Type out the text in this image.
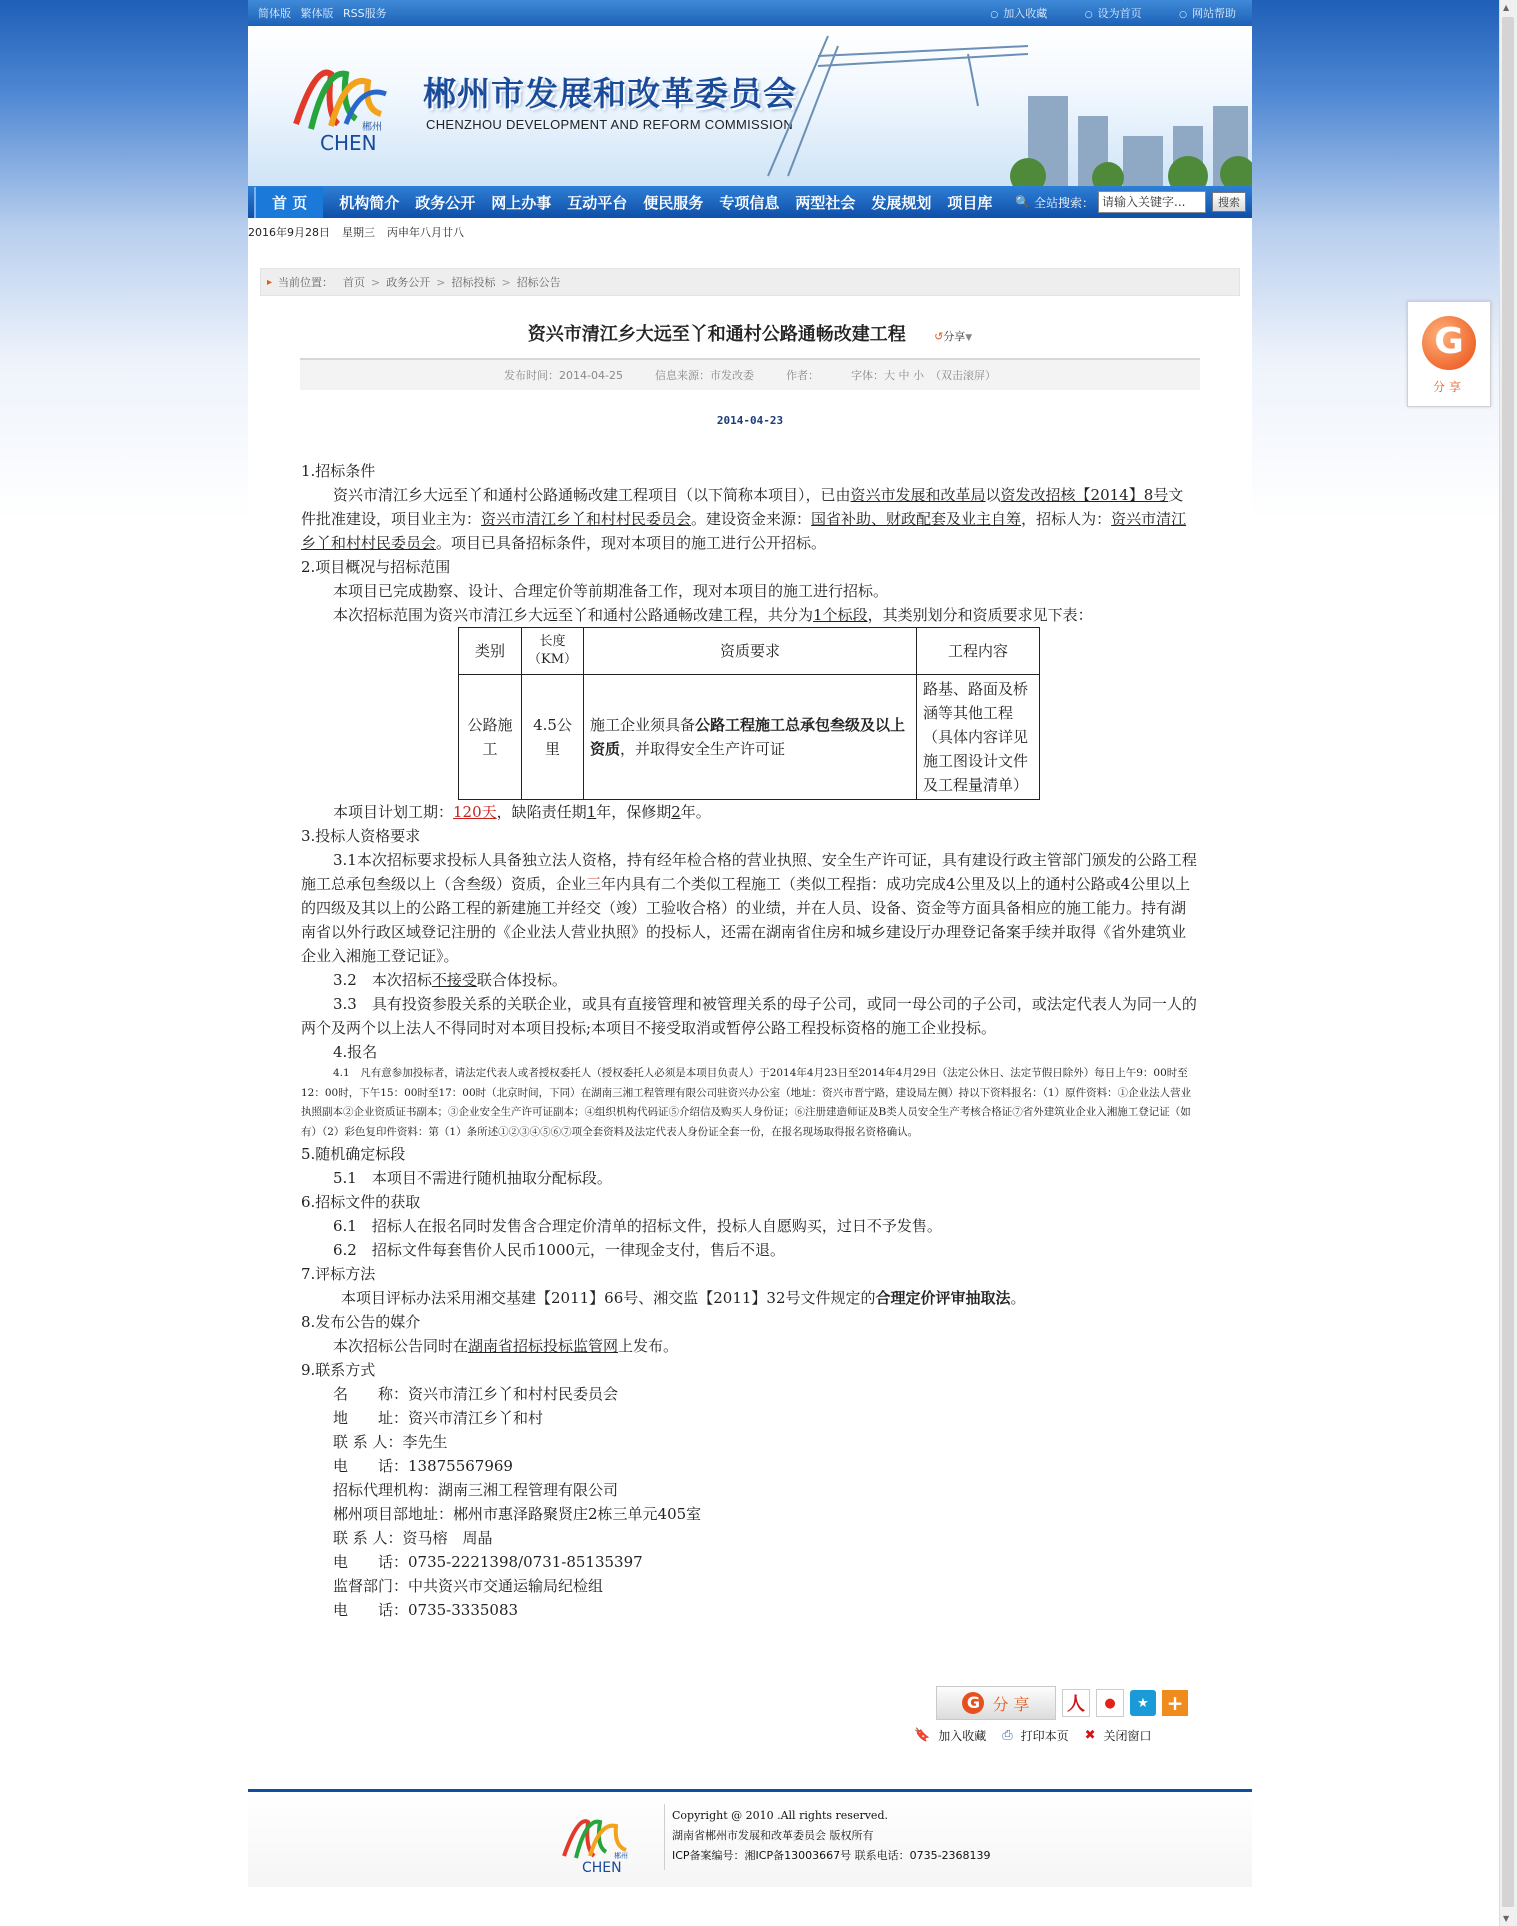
简体版 繁体版 RSS服务	○ 加入收藏	○ 设为首页	○ 网站帮助
CHEN
郴州
郴州市发展和改革委员会
CHENZHOU DEVELOPMENT AND REFORM COMMISSION
首 页	机构简介 政务公开 网上办事 互动平台 便民服务 专项信息 两型社会 发展规划 项目库 🔍 全站搜索： 请输入关键字...	搜索
2016年9月28日 星期三 丙申年八月廿八
▸ 当前位置： 首页 > 政务公开 > 招标投标 > 招标公告
资兴市清江乡大远至丫和通村公路通畅改建工程	↺分享▼
发布时间：2014-04-25	信息来源：市发改委	作者：	字体：大 中 小 （双击滚屏）
2014-04-23

1.招标条件

资兴市清江乡大远至丫和通村公路通畅改建工程项目（以下简称本项目），已由资兴市发展和改革局以资发改招核【2014】8号文件批准建设，项目业主为：资兴市清江乡丫和村村民委员会。建设资金来源：国省补助、财政配套及业主自筹，招标人为：资兴市清江乡丫和村村民委员会。项目已具备招标条件，现对本项目的施工进行公开招标。

2.项目概况与招标范围

本项目已完成勘察、设计、合理定价等前期准备工作，现对本项目的施工进行招标。

本次招标范围为资兴市清江乡大远至丫和通村公路通畅改建工程，共分为1个标段，其类别划分和资质要求见下表：

类别	长度（KM）	资质要求	工程内容
公路施工	4.5公里	施工企业须具备公路工程施工总承包叁级及以上资质，并取得安全生产许可证	路基、路面及桥涵等其他工程（具体内容详见施工图设计文件及工程量清单）

本项目计划工期：120天，缺陷责任期1年，保修期2年。

3.投标人资格要求

3.1本次招标要求投标人具备独立法人资格，持有经年检合格的营业执照、安全生产许可证，具有建设行政主管部门颁发的公路工程施工总承包叁级以上（含叁级）资质，企业三年内具有二个类似工程施工（类似工程指：成功完成4公里及以上的通村公路或4公里以上的四级及其以上的公路工程的新建施工并经交（竣）工验收合格）的业绩，并在人员、设备、资金等方面具备相应的施工能力。持有湖南省以外行政区域登记注册的《企业法人营业执照》的投标人，还需在湖南省住房和城乡建设厅办理登记备案手续并取得《省外建筑业企业入湘施工登记证》。

3.2　本次招标不接受联合体投标。

3.3　具有投资参股关系的关联企业，或具有直接管理和被管理关系的母子公司，或同一母公司的子公司，或法定代表人为同一人的两个及两个以上法人不得同时对本项目投标;本项目不接受取消或暂停公路工程投标资格的施工企业投标。

4.报名

4.1　凡有意参加投标者，请法定代表人或者授权委托人（授权委托人必须是本项目负责人）于2014年4月23日至2014年4月29日（法定公休日、法定节假日除外）每日上午9：00时至12：00时，下午15：00时至17：00时（北京时间，下同）在湖南三湘工程管理有限公司驻资兴办公室（地址：资兴市晋宁路，建设局左侧）持以下资料报名：（1）原件资料：①企业法人营业执照副本②企业资质证书副本；③企业安全生产许可证副本；④组织机构代码证⑤介绍信及购买人身份证；⑥注册建造师证及B类人员安全生产考核合格证⑦省外建筑业企业入湘施工登记证（如有）（2）彩色复印件资料：第（1）条所述①②③④⑤⑥⑦项全套资料及法定代表人身份证全套一份，在报名现场取得报名资格确认。

5.随机确定标段

5.1　本项目不需进行随机抽取分配标段。

6.招标文件的获取

6.1　招标人在报名同时发售含合理定价清单的招标文件，投标人自愿购买，过日不予发售。

6.2　招标文件每套售价人民币1000元，一律现金支付，售后不退。

7.评标方法

本项目评标办法采用湘交基建【2011】66号、湘交监【2011】32号文件规定的合理定价评审抽取法。

8.发布公告的媒介

本次招标公告同时在湖南省招标投标监管网上发布。

9.联系方式

名　　称：资兴市清江乡丫和村村民委员会

地　　址：资兴市清江乡丫和村

联 系 人：李先生

电　　话：13875567969

招标代理机构：湖南三湘工程管理有限公司

郴州项目部地址：郴州市惠泽路聚贤庄2栋三单元405室

联 系 人：资马榕　周晶

电　　话：0735-2221398/0731-85135397

监督部门：中共资兴市交通运输局纪检组

电　　话：0735-3335083

G 分 享 人	●	★ +
🔖 加入收藏 ⎙ 打印本页 ✖ 关闭窗口
CHEN
郴州
Copyright @ 2010 .All rights reserved.
湖南省郴州市发展和改革委员会 版权所有
ICP备案编号：湘ICP备13003667号 联系电话：0735-2368139
G
分享
▲
▼
